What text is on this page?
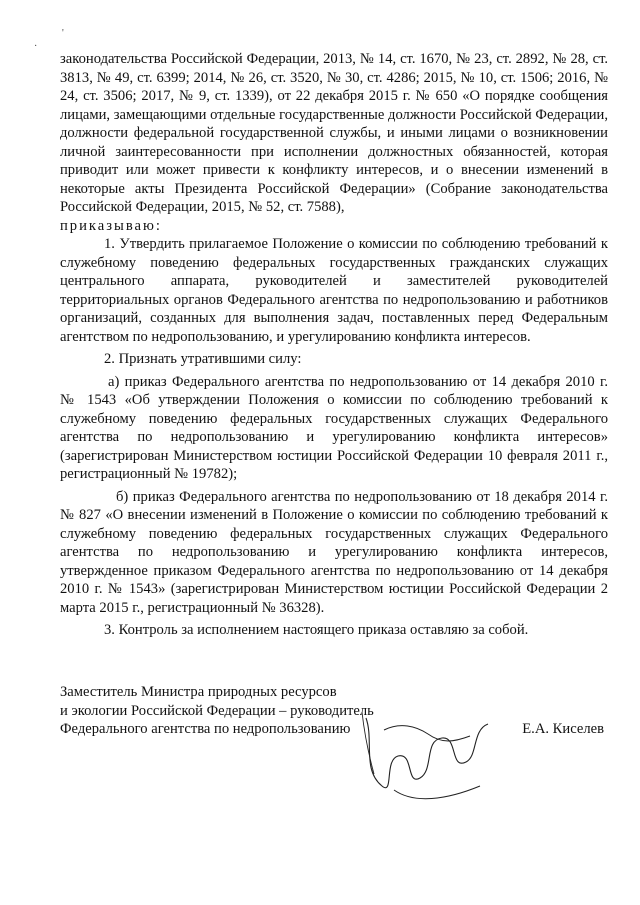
'
·

законодательства Российской Федерации, 2013, № 14, ст. 1670, № 23, ст. 2892, № 28, ст. 3813, № 49, ст. 6399; 2014, № 26, ст. 3520, № 30, ст. 4286; 2015, № 10, ст. 1506; 2016, № 24, ст. 3506; 2017, № 9, ст. 1339), от 22 декабря 2015 г. № 650 «О порядке сообщения лицами, замещающими отдельные государственные должности Российской Федерации, должности федеральной государственной службы, и иными лицами о возникновении личной заинтересованности при исполнении должностных обязанностей, которая приводит или может привести к конфликту интересов, и о внесении изменений в некоторые акты Президента Российской Федерации» (Собрание законодательства Российской Федерации, 2015, № 52, ст. 7588),

приказываю:

1. Утвердить прилагаемое Положение о комиссии по соблюдению требований к служебному поведению федеральных государственных гражданских служащих центрального аппарата, руководителей и заместителей руководителей территориальных органов Федерального агентства по недропользованию и работников организаций, созданных для выполнения задач, поставленных перед Федеральным агентством по недропользованию, и урегулированию конфликта интересов.

2. Признать утратившими силу:

а) приказ Федерального агентства по недропользованию от 14 декабря 2010 г. № 1543 «Об утверждении Положения о комиссии по соблюдению требований к служебному поведению федеральных государственных служащих Федерального агентства по недропользованию и урегулированию конфликта интересов» (зарегистрирован Министерством юстиции Российской Федерации 10 февраля 2011 г., регистрационный № 19782);

б) приказ Федерального агентства по недропользованию от 18 декабря 2014 г. № 827 «О внесении изменений в Положение о комиссии по соблюдению требований к служебному поведению федеральных государственных служащих Федерального агентства по недропользованию и урегулированию конфликта интересов, утвержденное приказом Федерального агентства по недропользованию от 14 декабря 2010 г. № 1543» (зарегистрирован Министерством юстиции Российской Федерации 2 марта 2015 г., регистрационный № 36328).

3. Контроль за исполнением настоящего приказа оставляю за собой.

Заместитель Министра природных ресурсов
и экологии Российской Федерации – руководитель
Федерального агентства по недропользованию	Е.А. Киселев
